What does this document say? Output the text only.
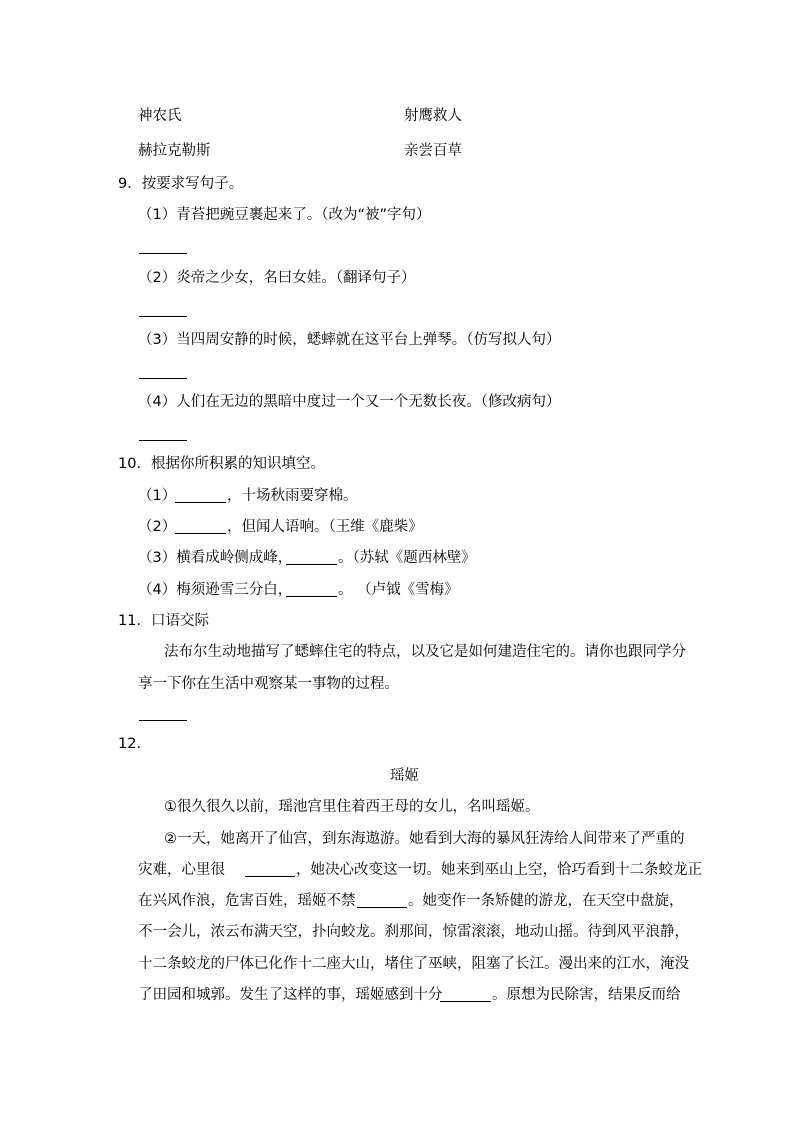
神农氏	射鹰救人
赫拉克勒斯	亲尝百草
9．按要求写句子。
（1）青苔把豌豆裹起来了。（改为“被”字句）
（2）炎帝之少女，名曰女娃。（翻译句子）
（3）当四周安静的时候，蟋蟀就在这平台上弹琴。（仿写拟人句）
（4）人们在无边的黑暗中度过一个又一个无数长夜。（修改病句）
10．根据你所积累的知识填空。
（1）	，十场秋雨要穿棉。
（2）	，但闻人语响。（王维《鹿柴》
（3）横看成岭侧成峰，	。（苏轼《题西林壁》
（4）梅须逊雪三分白，	。 （卢钺《雪梅》
11．口语交际
法布尔生动地描写了蟋蟀住宅的特点，以及它是如何建造住宅的。请你也跟同学分
享一下你在生活中观察某一事物的过程。
12．
瑶姬
①很久很久以前，瑶池宫里住着西王母的女儿，名叫瑶姬。
②一天，她离开了仙宫，到东海遨游。她看到大海的暴风狂涛给人间带来了严重的
灾难，心里很	，她决心改变这一切。她来到巫山上空，恰巧看到十二条蛟龙正
在兴风作浪，危害百姓，瑶姬不禁	。她变作一条矫健的游龙，在天空中盘旋，
不一会儿，浓云布满天空，扑向蛟龙。刹那间，惊雷滚滚，地动山摇。待到风平浪静，
十二条蛟龙的尸体已化作十二座大山，堵住了巫峡，阻塞了长江。漫出来的江水，淹没
了田园和城郭。发生了这样的事，瑶姬感到十分	。原想为民除害，结果反而给
